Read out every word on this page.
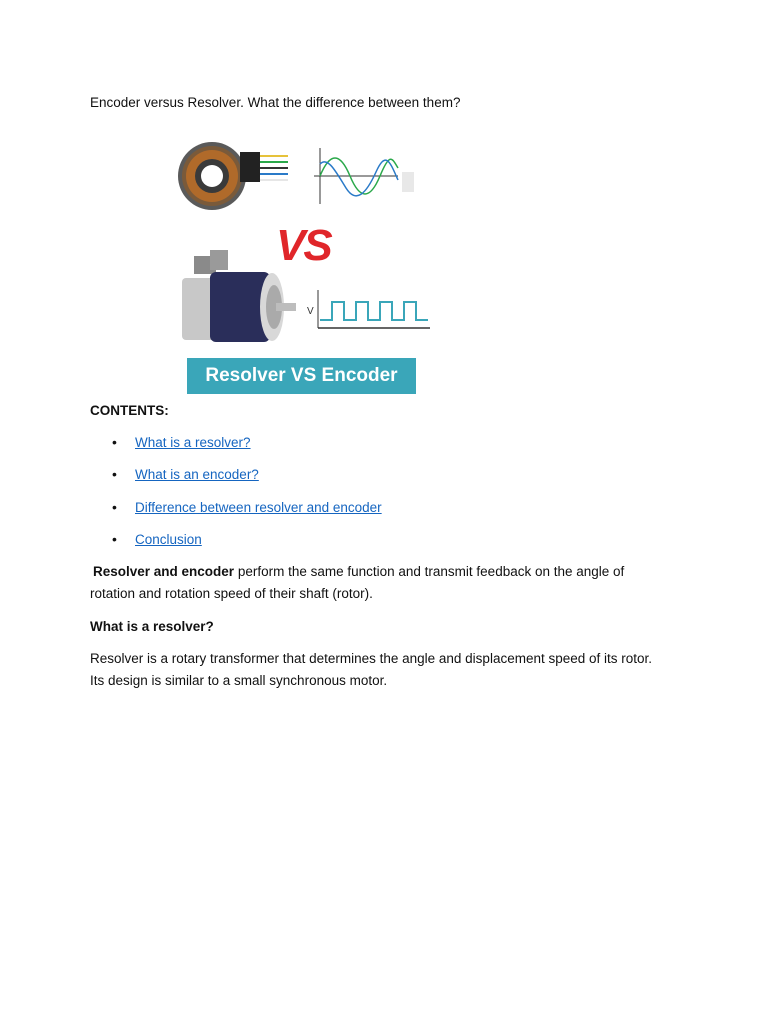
Encoder versus Resolver. What the difference between them?
V
VS
Resolver VS Encoder
CONTENTS:
• What is a resolver?
• What is an encoder?
• Difference between resolver and encoder
• Conclusion
Resolver and encoder perform the same function and transmit feedback on the angle of
rotation and rotation speed of their shaft (rotor).
What is a resolver?
Resolver is a rotary transformer that determines the angle and displacement speed of its rotor.
Its design is similar to a small synchronous motor.
